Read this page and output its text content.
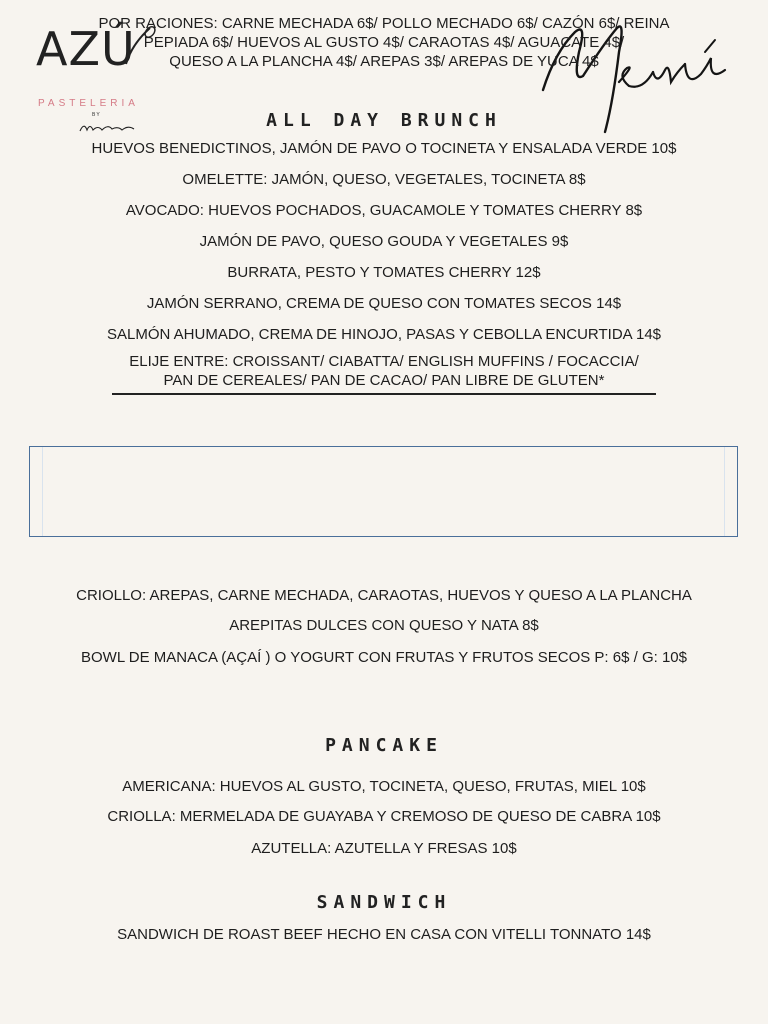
AZÚ
PASTELERIA
BY	ALL DAY BRUNCH
HUEVOS BENEDICTINOS, JAMÓN DE PAVO O TOCINETA Y ENSALADA VERDE 10$
OMELETTE: JAMÓN, QUESO, VEGETALES, TOCINETA 8$
AVOCADO: HUEVOS POCHADOS, GUACAMOLE Y TOMATES CHERRY 8$
JAMÓN DE PAVO, QUESO GOUDA Y VEGETALES 9$
BURRATA, PESTO Y TOMATES CHERRY 12$
JAMÓN SERRANO, CREMA DE QUESO CON TOMATES SECOS 14$
SALMÓN AHUMADO, CREMA DE HINOJO, PASAS Y CEBOLLA ENCURTIDA 14$
ELIJE ENTRE: CROISSANT/ CIABATTA/ ENGLISH MUFFINS / FOCACCIA/
PAN DE CEREALES/ PAN DE CACAO/ PAN LIBRE DE GLUTEN*
POR RACIONES: CARNE MECHADA 6$/ POLLO MECHADO 6$/ CAZÓN 6$/ REINA
PEPIADA 6$/ HUEVOS AL GUSTO 4$/ CARAOTAS 4$/ AGUACATE 4$/
QUESO A LA PLANCHA 4$/ AREPAS 3$/ AREPAS DE YUCA 4$
CRIOLLO: AREPAS, CARNE MECHADA, CARAOTAS, HUEVOS Y QUESO A LA PLANCHA
AREPITAS DULCES CON QUESO Y NATA 8$
BOWL DE MANACA (AÇAÍ ) O YOGURT CON FRUTAS Y FRUTOS SECOS P: 6$ / G: 10$
PANCAKE
AMERICANA: HUEVOS AL GUSTO, TOCINETA, QUESO, FRUTAS, MIEL 10$
CRIOLLA: MERMELADA DE GUAYABA Y CREMOSO DE QUESO DE CABRA 10$
AZUTELLA: AZUTELLA Y FRESAS 10$
SANDWICH
SANDWICH DE ROAST BEEF HECHO EN CASA CON VITELLI TONNATO 14$
